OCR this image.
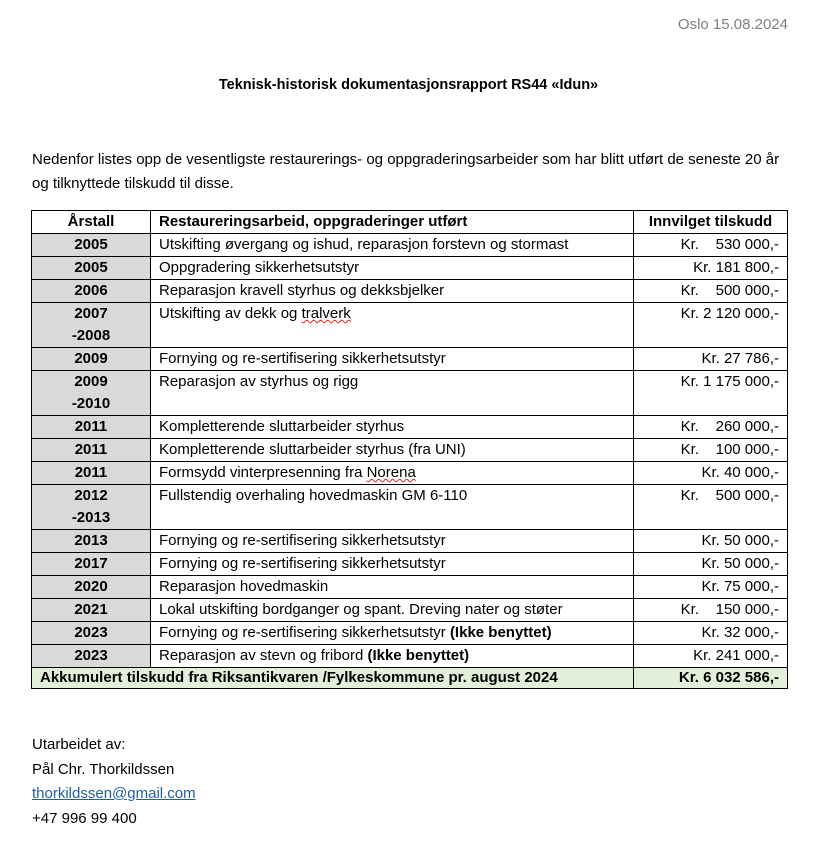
Oslo 15.08.2024
Teknisk-historisk dokumentasjonsrapport RS44 «Idun»
Nedenfor listes opp de vesentligste restaurerings- og oppgraderingsarbeider som har blitt utført de seneste 20 år og tilknyttede tilskudd til disse.
Årstall	Restaureringsarbeid, oppgraderinger utført	Innvilget tilskudd

2005	Utskifting øvergang og ishud, reparasjon forstevn og stormast	Kr.    530 000,-

2005	Oppgradering sikkerhetsutstyr	Kr. 181 800,-

2006	Reparasjon kravell styrhus og dekksbjelker	Kr.    500 000,-

2007
-2008	Utskifting av dekk og tralverk	Kr. 2 120 000,-

2009	Fornying og re-sertifisering sikkerhetsutstyr	Kr. 27 786,-

2009
-2010	Reparasjon av styrhus og rigg	Kr. 1 175 000,-

2011	Kompletterende sluttarbeider styrhus	Kr.    260 000,-

2011	Kompletterende sluttarbeider styrhus (fra UNI)	Kr.    100 000,-

2011	Formsydd vinterpresenning fra Norena	Kr. 40 000,-

2012
-2013	Fullstendig overhaling hovedmaskin GM 6-110	Kr.    500 000,-

2013	Fornying og re-sertifisering sikkerhetsutstyr	Kr. 50 000,-

2017	Fornying og re-sertifisering sikkerhetsutstyr	Kr. 50 000,-

2020	Reparasjon hovedmaskin	Kr. 75 000,-

2021	Lokal utskifting bordganger og spant. Dreving nater og støter	Kr.    150 000,-

2023	Fornying og re-sertifisering sikkerhetsutstyr (Ikke benyttet)	Kr. 32 000,-

2023	Reparasjon av stevn og fribord (Ikke benyttet)	Kr. 241 000,-
Akkumulert tilskudd fra Riksantikvaren /Fylkeskommune pr. august 2024		Kr. 6 032 586,-
Utarbeidet av:
Pål Chr. Thorkildssen
thorkildssen@gmail.com
+47 996 99 400
